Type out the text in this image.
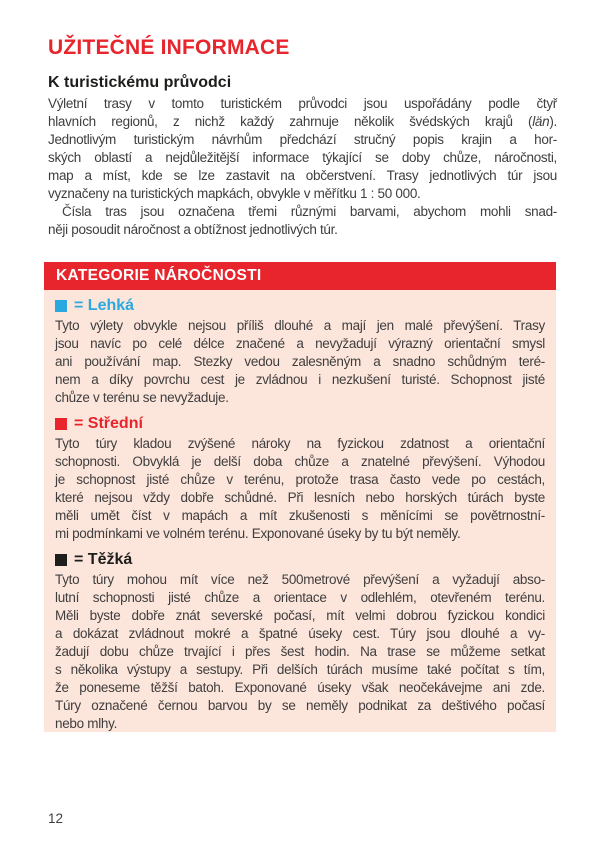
UŽITEČNÉ INFORMACE
K turistickému průvodci
Výletní trasy v tomto turistickém průvodci jsou uspořádány podle čtyř
hlavních regionů, z nichž každý zahrnuje několik švédských krajů (län).
Jednotlivým turistickým návrhům předchází stručný popis krajin a hor-
ských oblastí a nejdůležitější informace týkající se doby chůze, náročnosti,
map a míst, kde se lze zastavit na občerstvení. Trasy jednotlivých túr jsou
vyznačeny na turistických mapkách, obvykle v měřítku 1 : 50 000.
Čísla tras jsou označena třemi různými barvami, abychom mohli snad-
něji posoudit náročnost a obtížnost jednotlivých túr.
KATEGORIE NÁROČNOSTI
= Lehká
Tyto výlety obvykle nejsou příliš dlouhé a mají jen malé převýšení. Trasy
jsou navíc po celé délce značené a nevyžadují výrazný orientační smysl
ani používání map. Stezky vedou zalesněným a snadno schůdným teré-
nem a díky povrchu cest je zvládnou i nezkušení turisté. Schopnost jisté
chůze v terénu se nevyžaduje.
= Střední
Tyto túry kladou zvýšené nároky na fyzickou zdatnost a orientační
schopnosti. Obvyklá je delší doba chůze a znatelné převýšení. Výhodou
je schopnost jisté chůze v terénu, protože trasa často vede po cestách,
které nejsou vždy dobře schůdné. Při lesních nebo horských túrách byste
měli umět číst v mapách a mít zkušenosti s měnícími se povětrnostní-
mi podmínkami ve volném terénu. Exponované úseky by tu být neměly.
= Těžká
Tyto túry mohou mít více než 500metrové převýšení a vyžadují abso-
lutní schopnosti jisté chůze a orientace v odlehlém, otevřeném terénu.
Měli byste dobře znát severské počasí, mít velmi dobrou fyzickou kondici
a dokázat zvládnout mokré a špatné úseky cest. Túry jsou dlouhé a vy-
žadují dobu chůze trvající i přes šest hodin. Na trase se můžeme setkat
s několika výstupy a sestupy. Při delších túrách musíme také počítat s tím,
že poneseme těžší batoh. Exponované úseky však neočekávejme ani zde.
Túry označené černou barvou by se neměly podnikat za deštivého počasí
nebo mlhy.
12
